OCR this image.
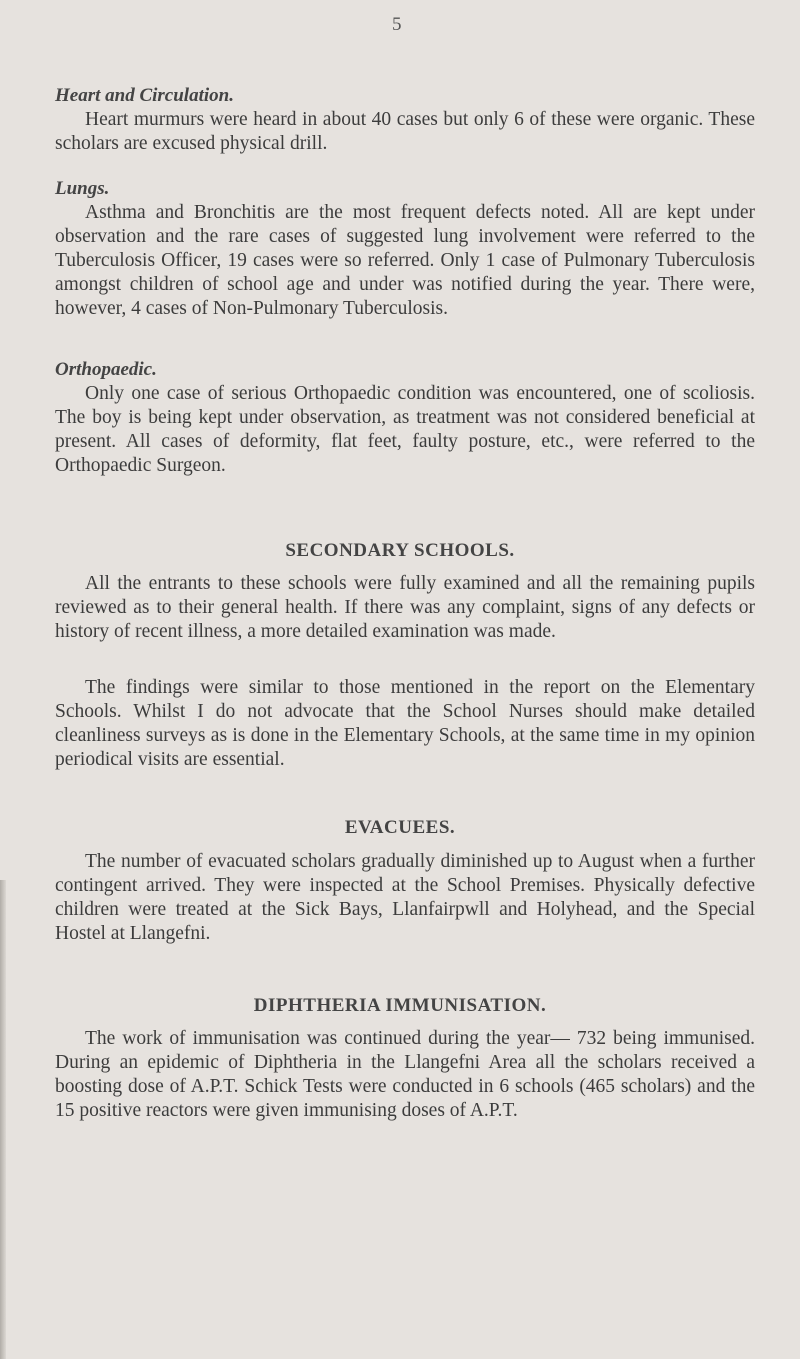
5
Heart and Circulation.

Heart murmurs were heard in about 40 cases but only 6 of these were organic. These scholars are excused physical drill.

Lungs.

Asthma and Bronchitis are the most frequent defects noted. All are kept under observation and the rare cases of suggested lung involvement were referred to the Tuberculosis Officer, 19 cases were so referred. Only 1 case of Pulmonary Tuberculosis amongst children of school age and under was notified during the year. There were, however, 4 cases of Non-Pulmonary Tuberculosis.

Orthopaedic.

Only one case of serious Orthopaedic condition was encountered, one of scoliosis. The boy is being kept under observation, as treatment was not considered beneficial at present. All cases of deformity, flat feet, faulty posture, etc., were referred to the Orthopaedic Surgeon.

SECONDARY SCHOOLS.

All the entrants to these schools were fully examined and all the remaining pupils reviewed as to their general health. If there was any complaint, signs of any defects or history of recent illness, a more detailed examination was made.

The findings were similar to those mentioned in the report on the Elementary Schools. Whilst I do not advocate that the School Nurses should make detailed cleanliness surveys as is done in the Elementary Schools, at the same time in my opinion periodical visits are essential.

EVACUEES.

The number of evacuated scholars gradually diminished up to August when a further contingent arrived. They were inspected at the School Premises. Physically defective children were treated at the Sick Bays, Llanfairpwll and Holyhead, and the Special Hostel at Llangefni.

DIPHTHERIA IMMUNISATION.

The work of immunisation was continued during the year— 732 being immunised. During an epidemic of Diphtheria in the Llangefni Area all the scholars received a boosting dose of A.P.T. Schick Tests were conducted in 6 schools (465 scholars) and the 15 positive reactors were given immunising doses of A.P.T.
